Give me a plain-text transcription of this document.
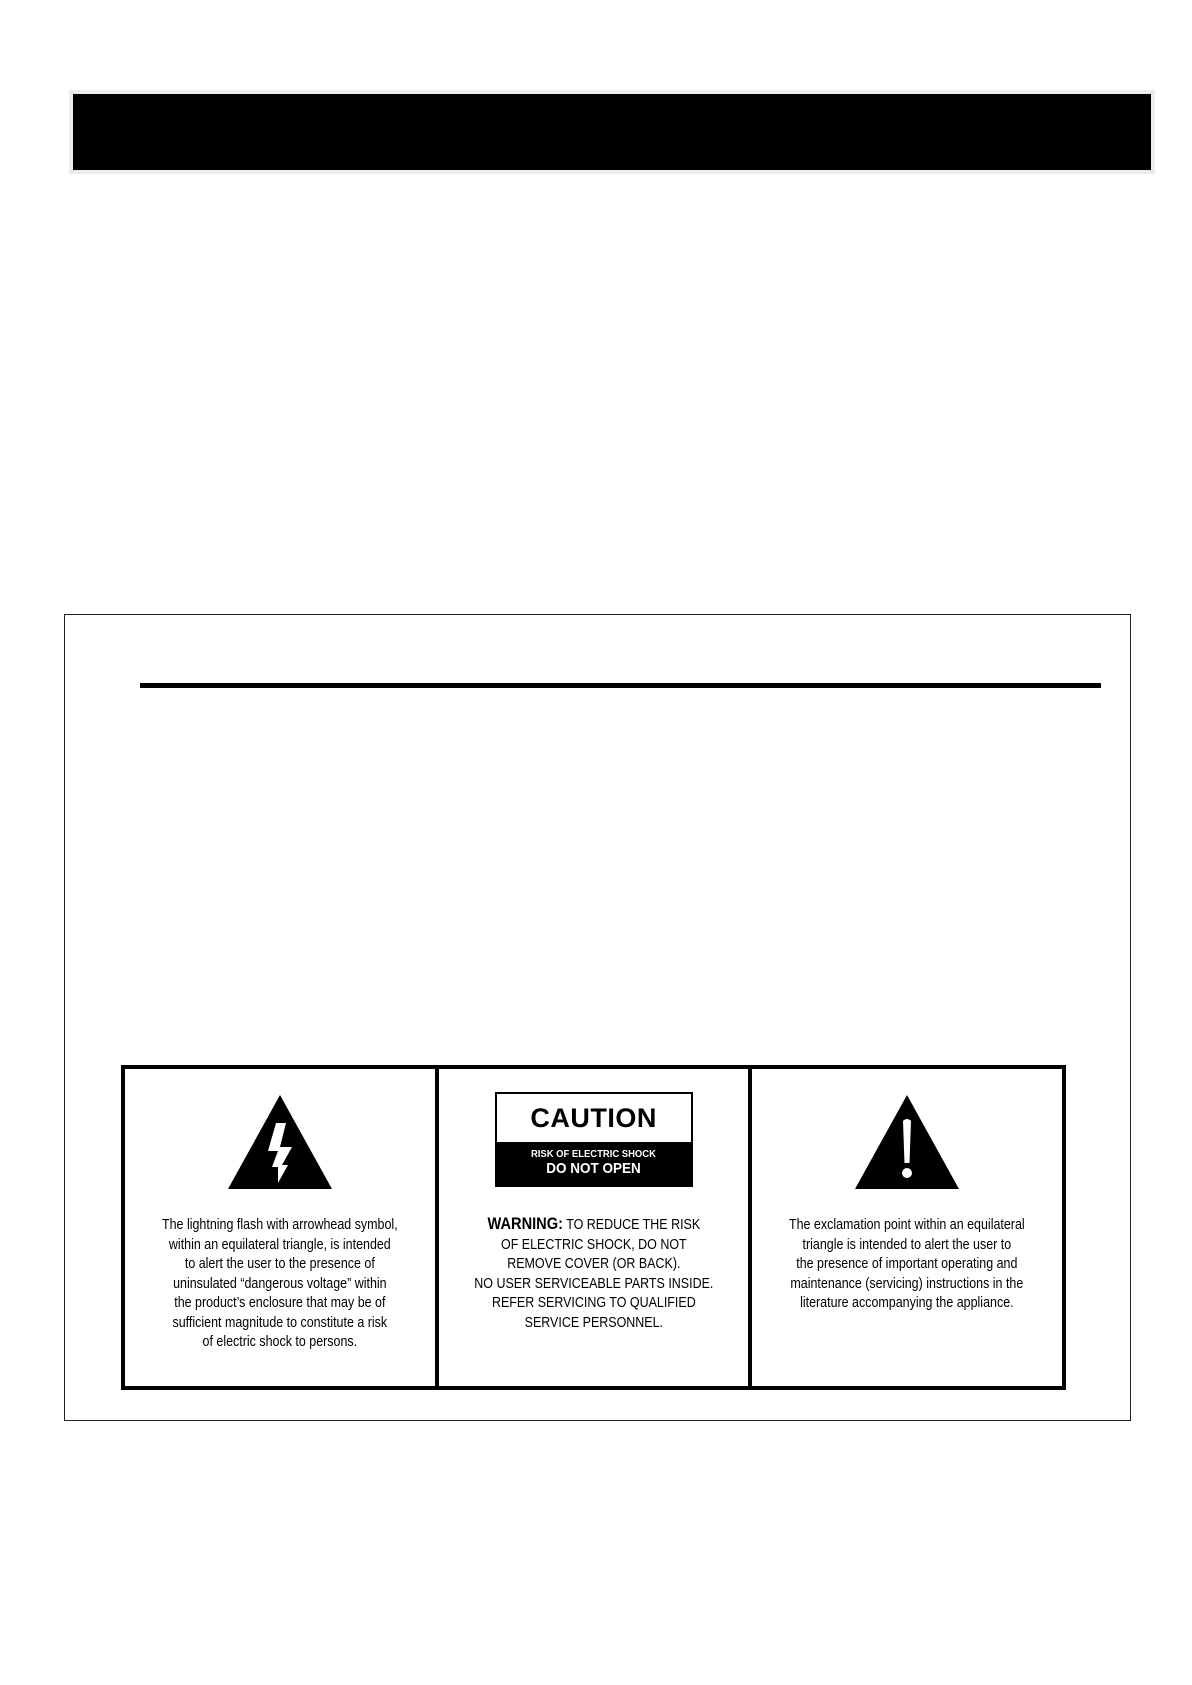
The lightning flash with arrowhead symbol,
within an equilateral triangle, is intended
to alert the user to the presence of
uninsulated “dangerous voltage” within
the product’s enclosure that may be of
sufficient magnitude to constitute a risk
of electric shock to persons.
CAUTION
RISK OF ELECTRIC SHOCK
DO NOT OPEN
WARNING: TO REDUCE THE RISK
OF ELECTRIC SHOCK, DO NOT
REMOVE COVER (OR BACK).
NO USER SERVICEABLE PARTS INSIDE.
REFER SERVICING TO QUALIFIED
SERVICE PERSONNEL.
The exclamation point within an equilateral
triangle is intended to alert the user to
the presence of important operating and
maintenance (servicing) instructions in the
literature accompanying the appliance.
